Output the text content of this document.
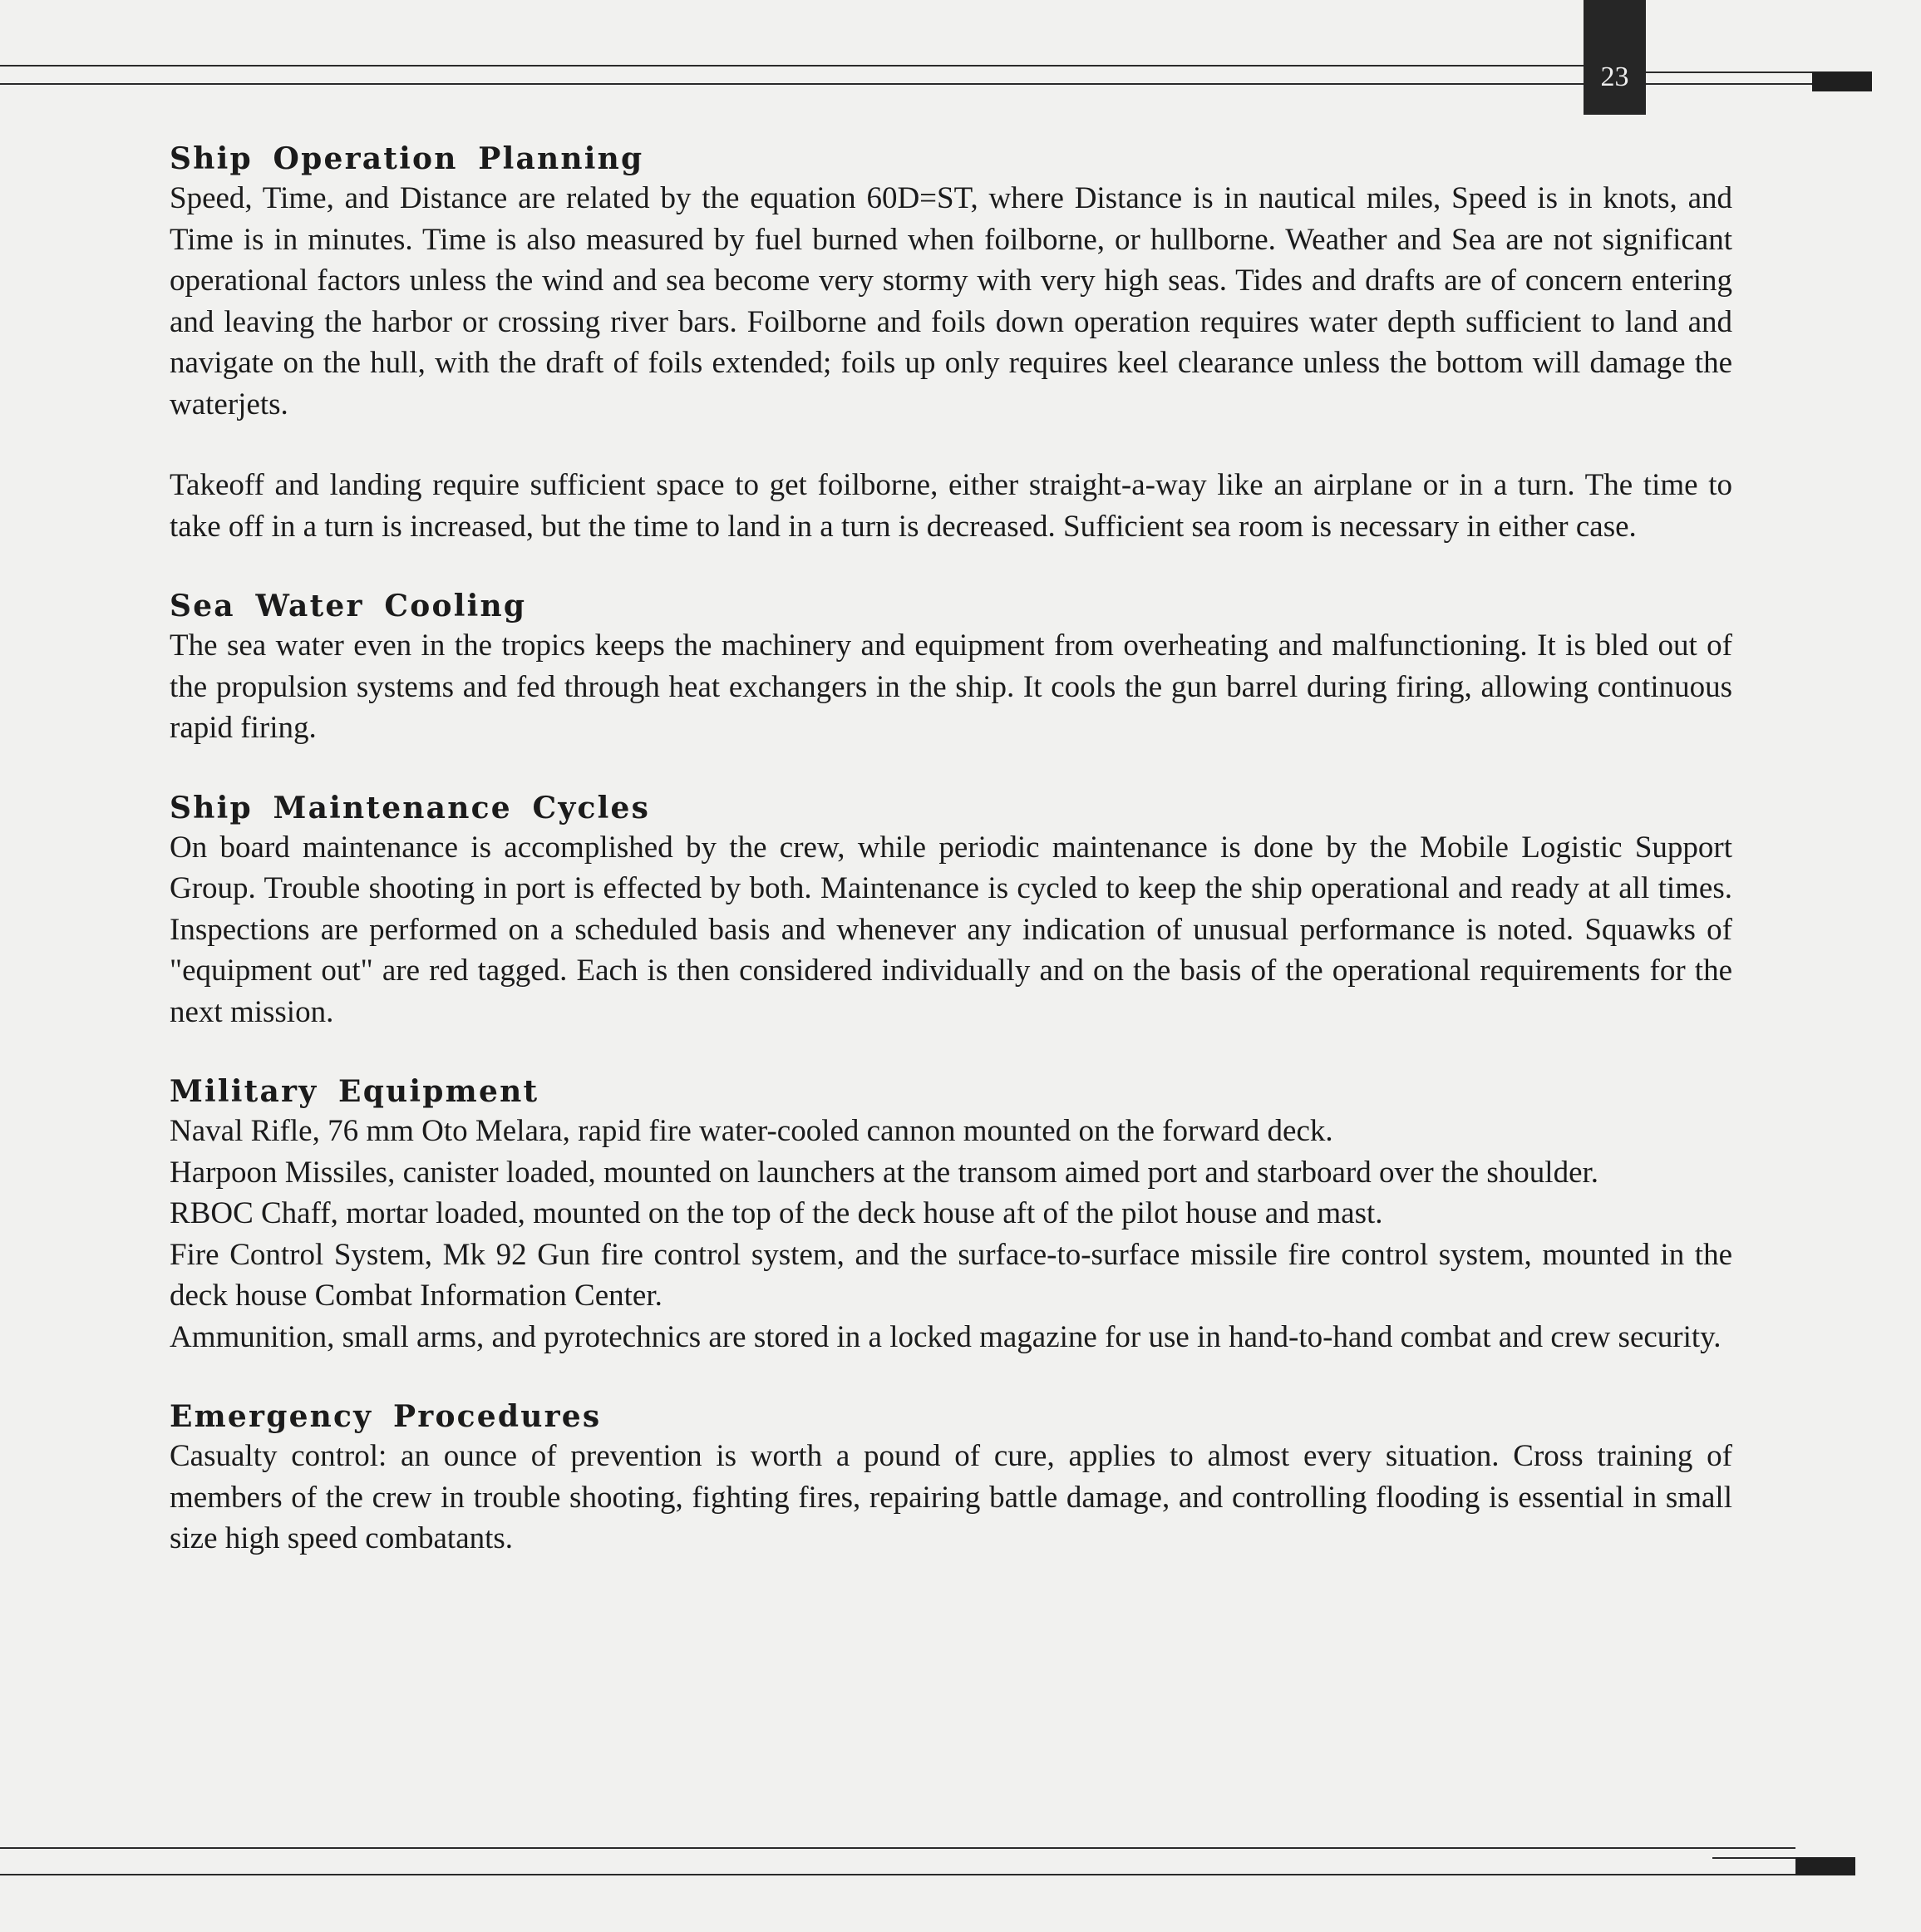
23
Ship Operation Planning

Speed, Time, and Distance are related by the equation 60D=ST, where Distance is in nautical miles, Speed is in knots, and Time is in minutes. Time is also measured by fuel burned when foilborne, or hullborne. Weather and Sea are not significant operational factors unless the wind and sea become very stormy with very high seas. Tides and drafts are of concern entering and leaving the harbor or crossing river bars. Foilborne and foils down operation requires water depth sufficient to land and navigate on the hull, with the draft of foils extended; foils up only requires keel clearance unless the bottom will damage the waterjets.

Takeoff and landing require sufficient space to get foilborne, either straight-a-way like an airplane or in a turn. The time to take off in a turn is increased, but the time to land in a turn is decreased. Sufficient sea room is necessary in either case.

Sea Water Cooling

The sea water even in the tropics keeps the machinery and equipment from overheating and malfunctioning. It is bled out of the propulsion systems and fed through heat exchangers in the ship. It cools the gun barrel during firing, allowing continuous rapid firing.

Ship Maintenance Cycles

On board maintenance is accomplished by the crew, while periodic maintenance is done by the Mobile Logistic Support Group. Trouble shooting in port is effected by both. Maintenance is cycled to keep the ship operational and ready at all times. Inspections are performed on a scheduled basis and whenever any indication of unusual performance is noted. Squawks of "equipment out" are red tagged. Each is then considered individually and on the basis of the operational requirements for the next mission.

Military Equipment

Naval Rifle, 76 mm Oto Melara, rapid fire water-cooled cannon mounted on the forward deck.

Harpoon Missiles, canister loaded, mounted on launchers at the transom aimed port and starboard over the shoulder.

RBOC Chaff, mortar loaded, mounted on the top of the deck house aft of the pilot house and mast.

Fire Control System, Mk 92 Gun fire control system, and the surface-to-surface missile fire control system, mounted in the deck house Combat Information Center.

Ammunition, small arms, and pyrotechnics are stored in a locked magazine for use in hand-to-hand combat and crew security.

Emergency Procedures

Casualty control: an ounce of prevention is worth a pound of cure, applies to almost every situation. Cross training of members of the crew in trouble shooting, fighting fires, repairing battle damage, and controlling flooding is essential in small size high speed combatants.
